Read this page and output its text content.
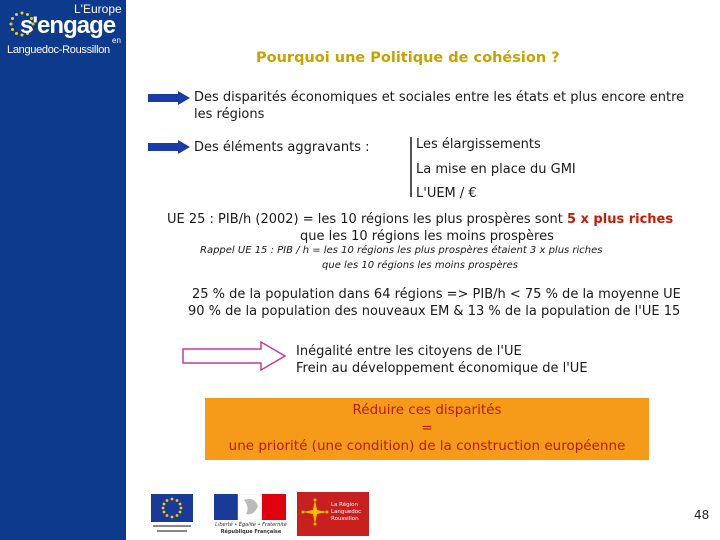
L'Europe
s'engage
en
Languedoc-Roussillon	Pourquoi une Politique de cohésion ?
Des disparités économiques et sociales entre les états et plus encore entre
les régions
Des éléments aggravants :	Les élargissements
La mise en place du GMI
L'UEM / €
UE 25 : PIB/h (2002) = les 10 régions les plus prospères sont 5 x plus riches
que les 10 régions les moins prospères
Rappel UE 15 : PIB / h = les 10 régions les plus prospères étaient 3 x plus riches
que les 10 régions les moins prospères
25 % de la population dans 64 régions => PIB/h < 75 % de la moyenne UE
90 % de la population des nouveaux EM & 13 % de la population de l'UE 15
Inégalité entre les citoyens de l'UE
Frein au développement économique de l'UE
Réduire ces disparités
=
une priorité (une condition) de la construction européenne
Liberté • Égalité • Fraternité
République Française
La Région Languedoc Roussillon	48
